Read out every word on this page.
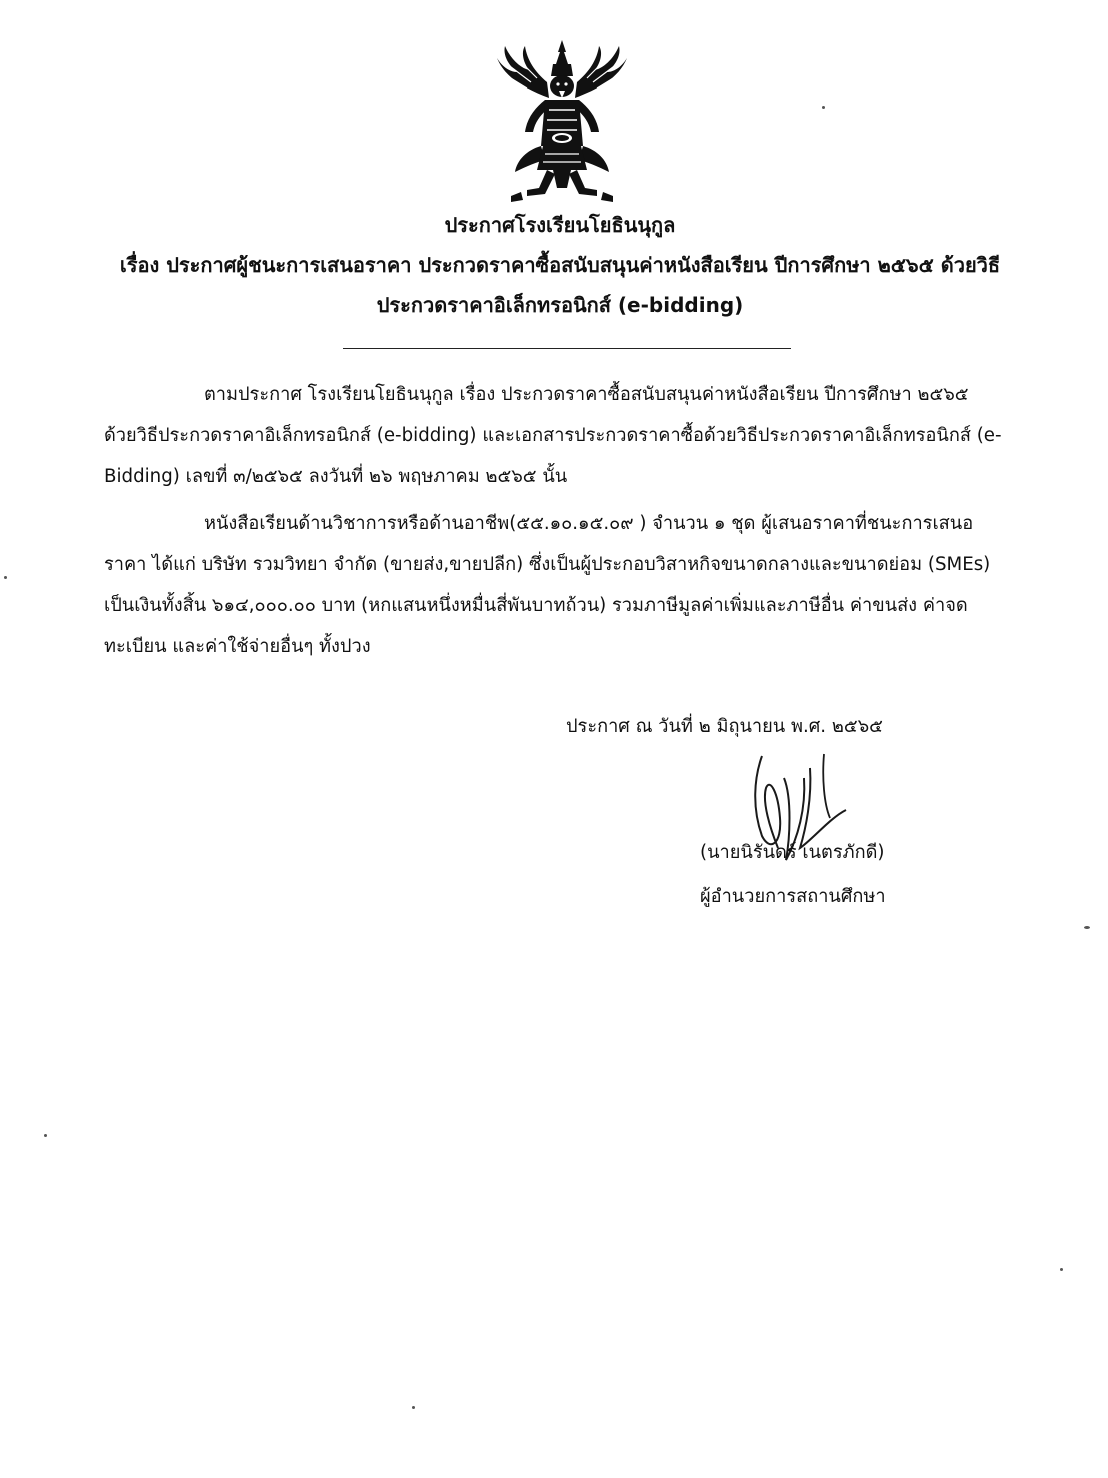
ประกาศโรงเรียนโยธินนุกูล
เรื่อง ประกาศผู้ชนะการเสนอราคา ประกวดราคาซื้อสนับสนุนค่าหนังสือเรียน ปีการศึกษา ๒๕๖๕ ด้วยวิธี
ประกวดราคาอิเล็กทรอนิกส์ (e-bidding)
ตามประกาศ โรงเรียนโยธินนุกูล เรื่อง ประกวดราคาซื้อสนับสนุนค่าหนังสือเรียน ปีการศึกษา ๒๕๖๕
ด้วยวิธีประกวดราคาอิเล็กทรอนิกส์ (e-bidding) และเอกสารประกวดราคาซื้อด้วยวิธีประกวดราคาอิเล็กทรอนิกส์ (e-
Bidding) เลขที่ ๓/๒๕๖๕ ลงวันที่ ๒๖ พฤษภาคม ๒๕๖๕ นั้น
หนังสือเรียนด้านวิชาการหรือด้านอาชีพ(๕๕.๑๐.๑๕.๐๙ ) จำนวน ๑ ชุด ผู้เสนอราคาที่ชนะการเสนอ
ราคา ได้แก่ บริษัท รวมวิทยา จำกัด (ขายส่ง,ขายปลีก) ซึ่งเป็นผู้ประกอบวิสาหกิจขนาดกลางและขนาดย่อม (SMEs)
เป็นเงินทั้งสิ้น ๖๑๔,๐๐๐.๐๐ บาท (หกแสนหนึ่งหมื่นสี่พันบาทถ้วน) รวมภาษีมูลค่าเพิ่มและภาษีอื่น ค่าขนส่ง ค่าจด
ทะเบียน และค่าใช้จ่ายอื่นๆ ทั้งปวง
ประกาศ ณ วันที่ ๒ มิถุนายน พ.ศ. ๒๕๖๕
(นายนิรันดร์ เนตรภักดี)
ผู้อำนวยการสถานศึกษา
